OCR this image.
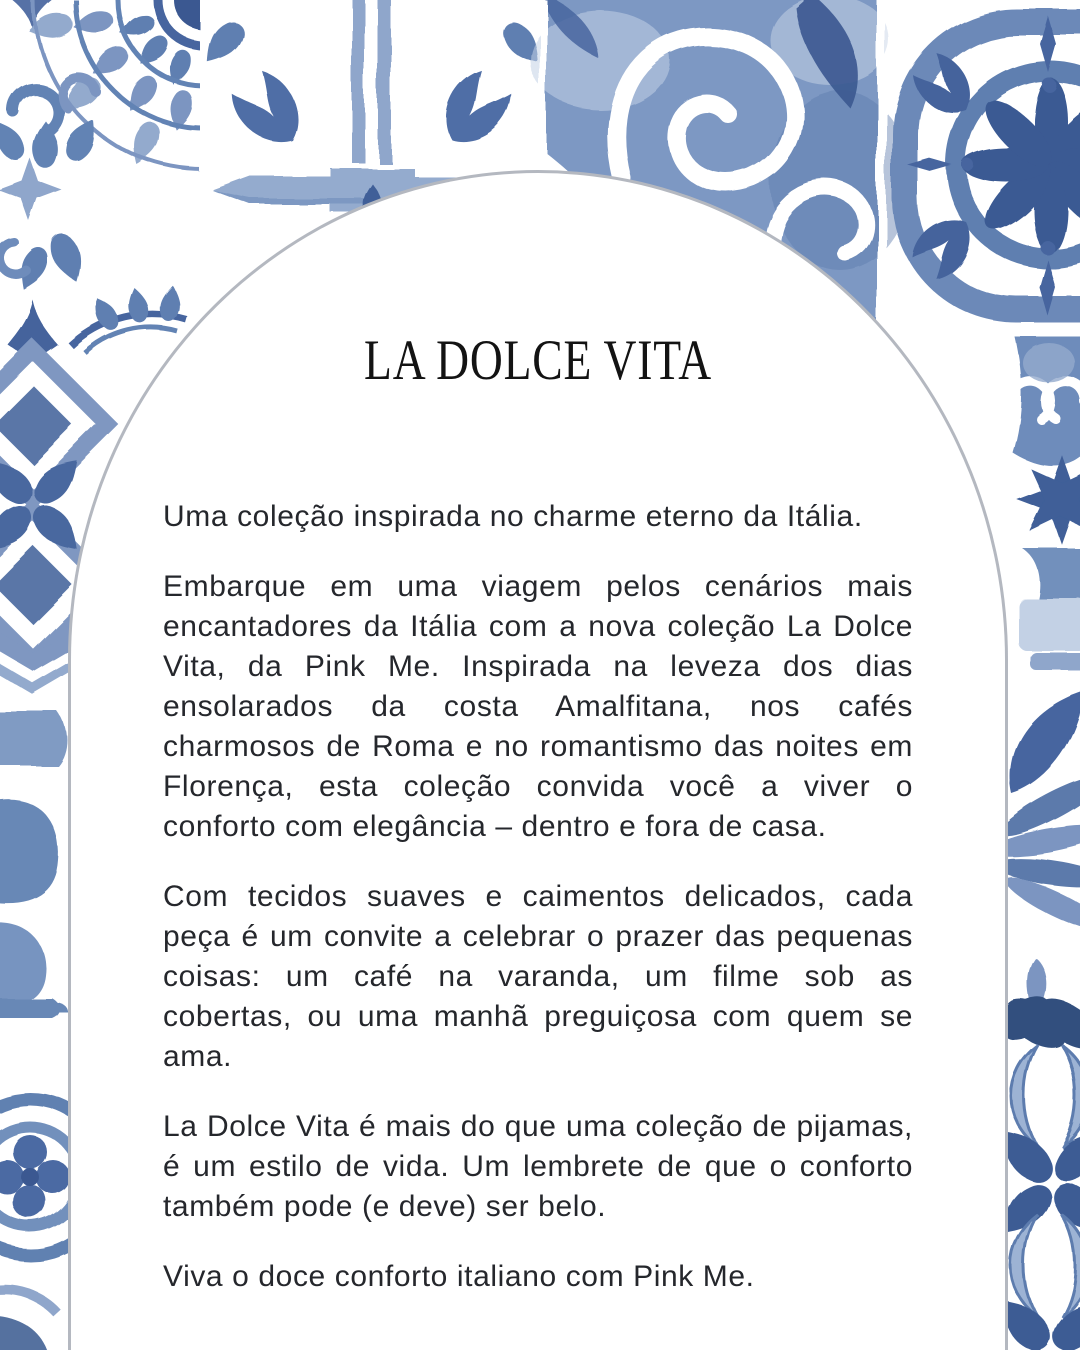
LA DOLCE VITA

Uma coleção inspirada no charme eterno da Itália.

Embarque em uma viagem pelos cenários mais encantadores da Itália com a nova coleção La Dolce Vita, da Pink Me. Inspirada na leveza dos dias ensolarados da costa Amalfitana, nos cafés charmosos de Roma e no romantismo das noites em Florença, esta coleção convida você a viver o conforto com elegância – dentro e fora de casa.

Com tecidos suaves e caimentos delicados, cada peça é um convite a celebrar o prazer das pequenas coisas: um café na varanda, um filme sob as cobertas, ou uma manhã preguiçosa com quem se ama.

La Dolce Vita é mais do que uma coleção de pijamas, é um estilo de vida. Um lembrete de que o conforto também pode (e deve) ser belo.

Viva o doce conforto italiano com Pink Me.
